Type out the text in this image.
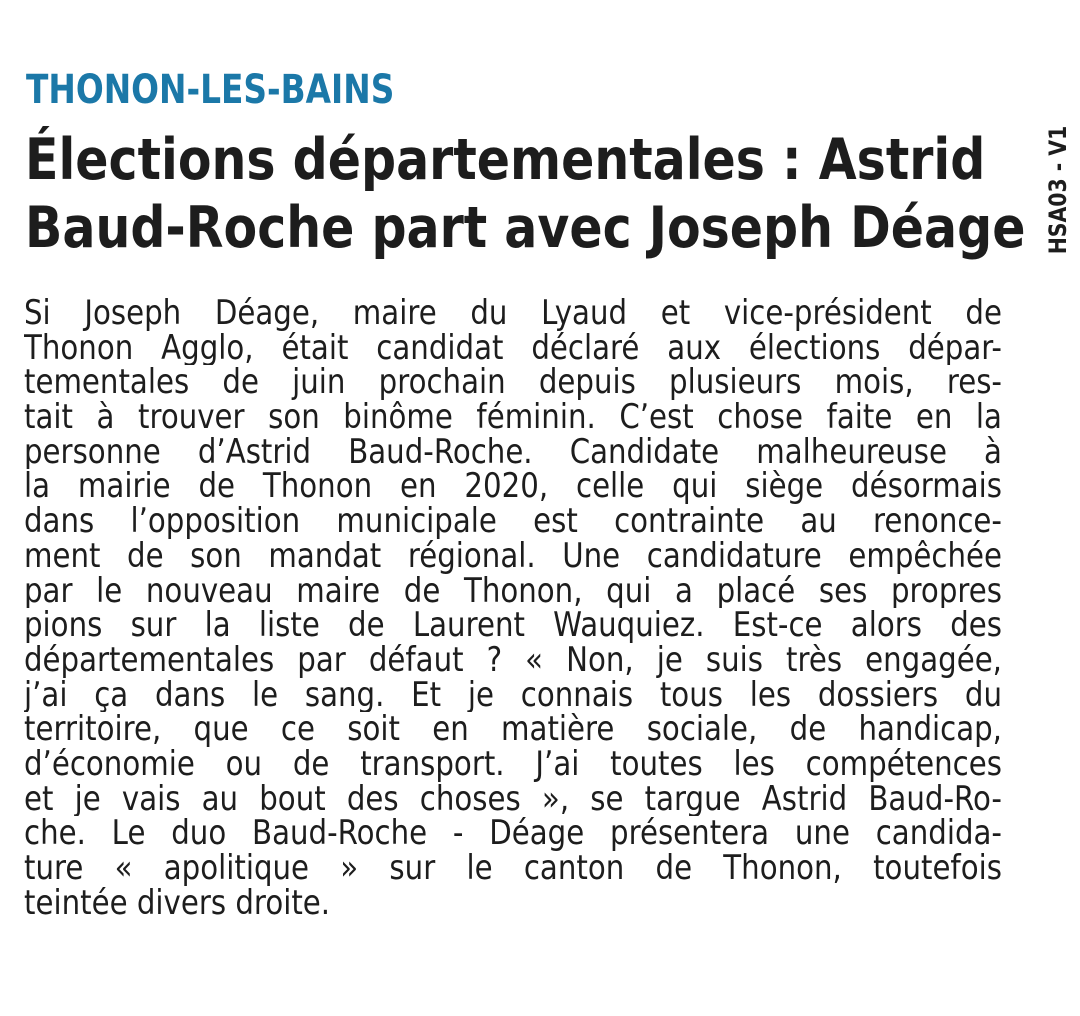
THONON-LES-BAINS
Élections départementales : Astrid
Baud-Roche part avec Joseph Déage
Si Joseph Déage, maire du Lyaud et vice-président de
Thonon Agglo, était candidat déclaré aux élections dépar-
tementales de juin prochain depuis plusieurs mois, res-
tait à trouver son binôme féminin. C’est chose faite en la
personne d’Astrid Baud-Roche. Candidate malheureuse à
la mairie de Thonon en 2020, celle qui siège désormais
dans l’opposition municipale est contrainte au renonce-
ment de son mandat régional. Une candidature empêchée
par le nouveau maire de Thonon, qui a placé ses propres
pions sur la liste de Laurent Wauquiez. Est-ce alors des
départementales par défaut ? « Non, je suis très engagée,
j’ai ça dans le sang. Et je connais tous les dossiers du
territoire, que ce soit en matière sociale, de handicap,
d’économie ou de transport. J’ai toutes les compétences
et je vais au bout des choses », se targue Astrid Baud-Ro-
che. Le duo Baud-Roche - Déage présentera une candida-
ture « apolitique » sur le canton de Thonon, toutefois
teintée divers droite.
HSA03 - V1
